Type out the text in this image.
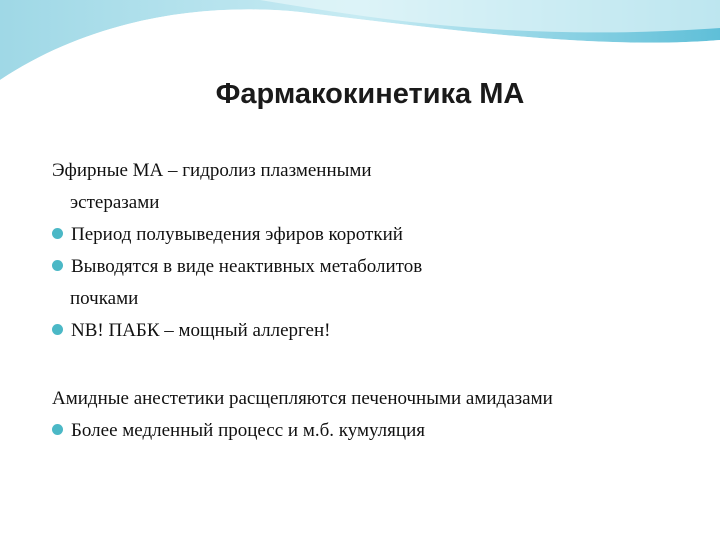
Фармакокинетика МА

Эфирные МА – гидролиз плазменными

эстеразами

Период полувыведения эфиров короткий
Выводятся в виде неактивных метаболитов

почками

NB! ПАБК – мощный аллерген!

Амидные анестетики расщепляются печеночными амидазами

Более медленный процесс и м.б. кумуляция
